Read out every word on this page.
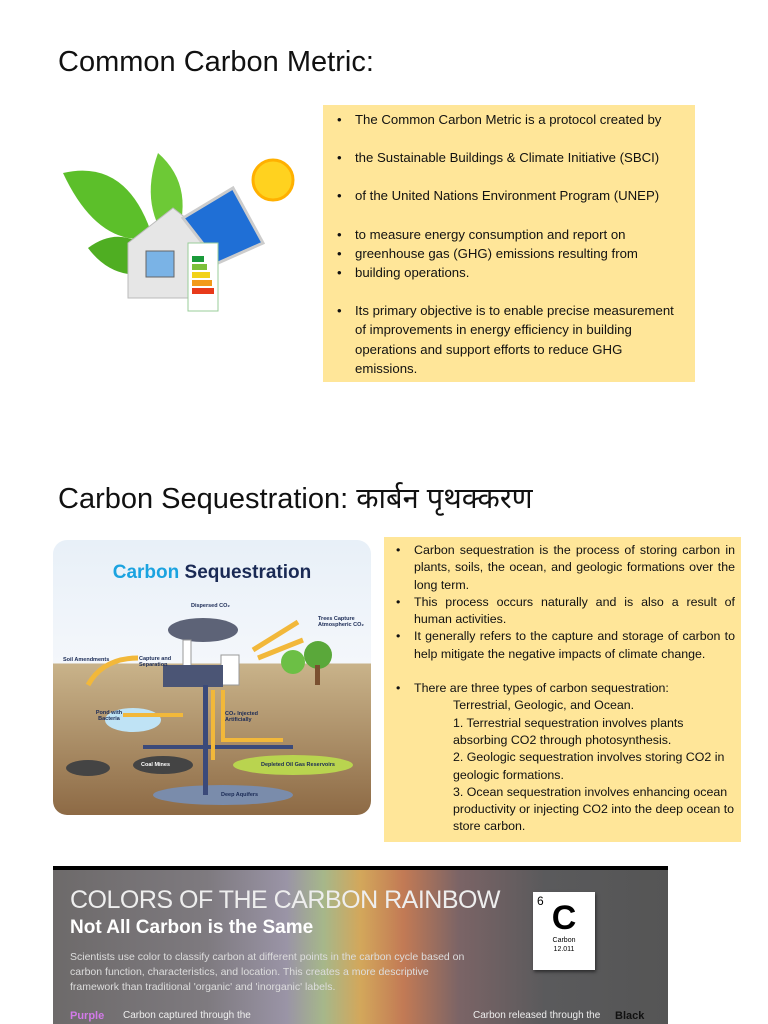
Common Carbon Metric:
• The Common Carbon Metric is a protocol created by
• the Sustainable Buildings & Climate Initiative (SBCI)
• of the United Nations Environment Program (UNEP)
• to measure energy consumption and report on
• greenhouse gas (GHG) emissions resulting from
• building operations.
• Its primary objective is to enable precise measurement of improvements in energy efficiency in building operations and support efforts to reduce GHG emissions.
Carbon Sequestration: कार्बन पृथक्करण
Carbon Sequestration
Dispersed CO₂
Trees Capture Atmospheric CO₂
Soil Amendments	Capture and Separation
Pond with Bacteria
CO₂ Injected Artificially
Coal Mines	Depleted Oil Gas Reservoirs
Deep Aquifers
• Carbon sequestration is the process of storing carbon in plants, soils, the ocean, and geologic formations over the long term.
• This process occurs naturally and is also a result of human activities.
• It generally refers to the capture and storage of carbon to help mitigate the negative impacts of climate change.
• There are three types of carbon sequestration:
Terrestrial, Geologic, and Ocean.
1. Terrestrial sequestration involves plants absorbing CO2 through photosynthesis.
2. Geologic sequestration involves storing CO2 in geologic formations.
3. Ocean sequestration involves enhancing ocean productivity or injecting CO2 into the deep ocean to store carbon.
COLORS OF THE CARBON RAINBOW
Not All Carbon is the Same
Scientists use color to classify carbon at different points in the carbon cycle based on carbon function, characteristics, and location. This creates a more descriptive framework than traditional 'organic' and 'inorganic' labels.
6 C
Carbon
12.011
Purple Carbon captured through the	Carbon released through the Black
